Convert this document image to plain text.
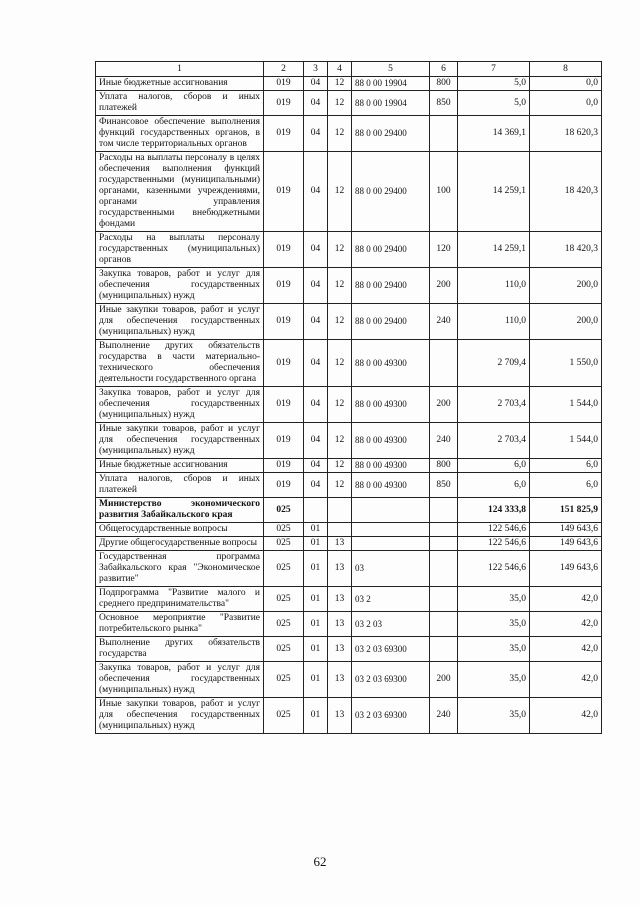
1	2	3	4	5	6	7	8
Иные бюджетные ассигнования	019	04	12	88 0 00 19904	800	5,0	0,0
Уплата налогов, сборов и иных платежей	019	04	12	88 0 00 19904	850	5,0	0,0
Финансовое обеспечение выполнения функций государственных органов, в том числе территориальных органов	019	04	12	88 0 00 29400		14 369,1	18 620,3
Расходы на выплаты персоналу в целях обеспечения выполнения функций государственными (муниципальными) органами, казенными учреждениями, органами управления государственными внебюджетными фондами	019	04	12	88 0 00 29400	100	14 259,1	18 420,3
Расходы на выплаты персоналу государственных (муниципальных) органов	019	04	12	88 0 00 29400	120	14 259,1	18 420,3
Закупка товаров, работ и услуг для обеспечения государственных (муниципальных) нужд	019	04	12	88 0 00 29400	200	110,0	200,0
Иные закупки товаров, работ и услуг для обеспечения государственных (муниципальных) нужд	019	04	12	88 0 00 29400	240	110,0	200,0
Выполнение других обязательств государства в части материально-технического обеспечения деятельности государственного органа	019	04	12	88 0 00 49300		2 709,4	1 550,0
Закупка товаров, работ и услуг для обеспечения государственных (муниципальных) нужд	019	04	12	88 0 00 49300	200	2 703,4	1 544,0
Иные закупки товаров, работ и услуг для обеспечения государственных (муниципальных) нужд	019	04	12	88 0 00 49300	240	2 703,4	1 544,0
Иные бюджетные ассигнования	019	04	12	88 0 00 49300	800	6,0	6,0
Уплата налогов, сборов и иных платежей	019	04	12	88 0 00 49300	850	6,0	6,0
Министерство экономического развития Забайкальского края	025					124 333,8	151 825,9
Общегосударственные вопросы	025	01				122 546,6	149 643,6
Другие общегосударственные вопросы	025	01	13			122 546,6	149 643,6
Государственная программа Забайкальского края "Экономическое развитие"	025	01	13	03		122 546,6	149 643,6
Подпрограмма "Развитие малого и среднего предпринимательства"	025	01	13	03 2		35,0	42,0
Основное мероприятие "Развитие потребительского рынка"	025	01	13	03 2 03		35,0	42,0
Выполнение других обязательств государства	025	01	13	03 2 03 69300		35,0	42,0
Закупка товаров, работ и услуг для обеспечения государственных (муниципальных) нужд	025	01	13	03 2 03 69300	200	35,0	42,0
Иные закупки товаров, работ и услуг для обеспечения государственных (муниципальных) нужд	025	01	13	03 2 03 69300	240	35,0	42,0
62
